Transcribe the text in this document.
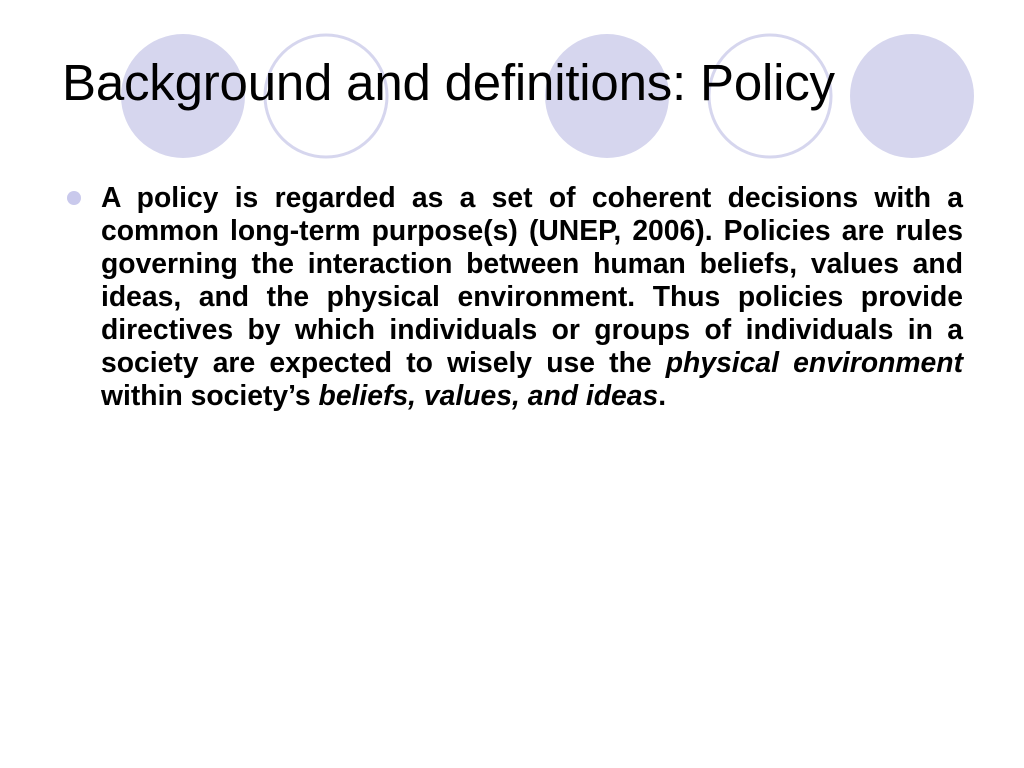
Background and definitions: Policy

A policy is regarded as a set of coherent decisions with a common long-term purpose(s) (UNEP, 2006). Policies are rules governing the interaction between human beliefs, values and ideas, and the physical environment. Thus policies provide directives by which individuals or groups of individuals in a society are expected to wisely use the physical environment within society’s beliefs, values, and ideas.
